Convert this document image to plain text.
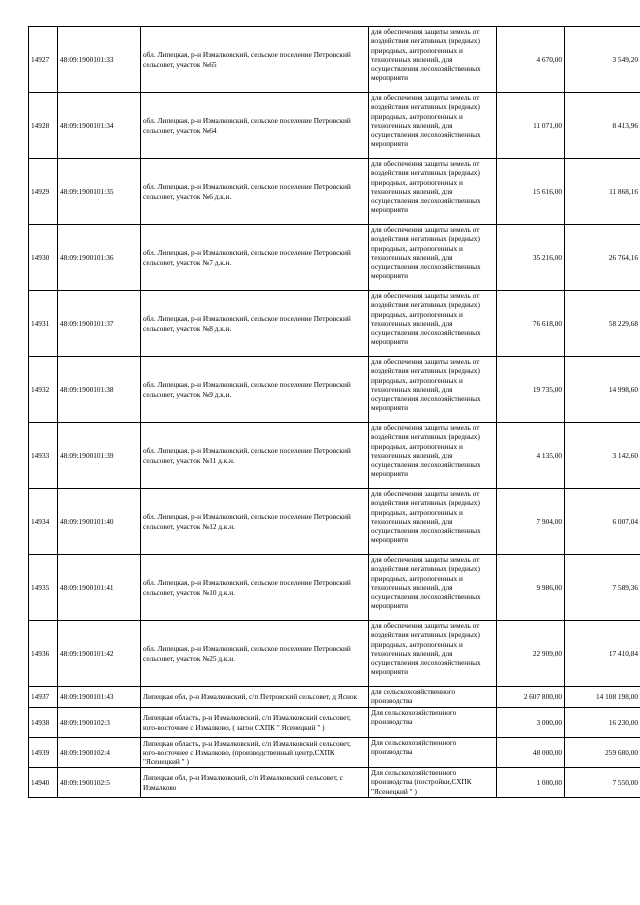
14927	48:09:1900101:33	обл. Липецкая, р-н Измалковский, сельское поселение Петровский сельсовет, участок №65	для обеспечения защиты земель от воздействия негативных (вредных) природных, антропогенных и техногенных явлений, для осуществления лесохозяйственных мероприяти	4 670,00	3 549,20
14928	48:09:1900101:34	обл. Липецкая, р-н Измалковский, сельское поселение Петровский сельсовет, участок №64	для обеспечения защиты земель от воздействия негативных (вредных) природных, антропогенных и техногенных явлений, для осуществления лесохозяйственных мероприяти	11 071,00	8 413,96
14929	48:09:1900101:35	обл. Липецкая, р-н Измалковский, сельское поселение Петровский сельсовет, участок №6 д.к.н.	для обеспечения защиты земель от воздействия негативных (вредных) природных, антропогенных и техногенных явлений, для осуществления лесохозяйственных мероприяти	15 616,00	11 868,16
14930	48:09:1900101:36	обл. Липецкая, р-н Измалковский, сельское поселение Петровский сельсовет, участок №7 д.к.н.	для обеспечения защиты земель от воздействия негативных (вредных) природных, антропогенных и техногенных явлений, для осуществления лесохозяйственных мероприяти	35 216,00	26 764,16
14931	48:09:1900101:37	обл. Липецкая, р-н Измалковский, сельское поселение Петровский сельсовет, участок №8 д.к.н.	для обеспечения защиты земель от воздействия негативных (вредных) природных, антропогенных и техногенных явлений, для осуществления лесохозяйственных мероприяти	76 618,00	58 229,68
14932	48:09:1900101:38	обл. Липецкая, р-н Измалковский, сельское поселение Петровский сельсовет, участок №9 д.к.н.	для обеспечения защиты земель от воздействия негативных (вредных) природных, антропогенных и техногенных явлений, для осуществления лесохозяйственных мероприяти	19 735,00	14 998,60
14933	48:09:1900101:39	обл. Липецкая, р-н Измалковский, сельское поселение Петровский сельсовет, участок №11 д.к.н.	для обеспечения защиты земель от воздействия негативных (вредных) природных, антропогенных и техногенных явлений, для осуществления лесохозяйственных мероприяти	4 135,00	3 142,60
14934	48:09:1900101:40	обл. Липецкая, р-н Измалковский, сельское поселение Петровский сельсовет, участок №12 д.к.н.	для обеспечения защиты земель от воздействия негативных (вредных) природных, антропогенных и техногенных явлений, для осуществления лесохозяйственных мероприяти	7 904,00	6 007,04
14935	48:09:1900101:41	обл. Липецкая, р-н Измалковский, сельское поселение Петровский сельсовет, участок №10 д.к.н.	для обеспечения защиты земель от воздействия негативных (вредных) природных, антропогенных и техногенных явлений, для осуществления лесохозяйственных мероприяти	9 986,00	7 589,36
14936	48:09:1900101:42	обл. Липецкая, р-н Измалковский, сельское поселение Петровский сельсовет, участок №25 д.к.н.	для обеспечения защиты земель от воздействия негативных (вредных) природных, антропогенных и техногенных явлений, для осуществления лесохозяйственных мероприяти	22 909,00	17 410,84
14937	48:09:1900101:43	Липецкая обл, р-н Измалковский, с/п Петровский сельсовет, д Яснок	для сельскохозяйственного производства	2 607 800,00	14 108 198,00
14938	48:09:1900102:3	Липецкая область, р-н Измалковский, с/п Измалковский сельсовет, юго-восточнее с Измалково, ( загон СХПК " Ясенецкий " )	Для сельскохозяйственного производства	3 000,00	16 230,00
14939	48:09:1900102:4	Липецкая область, р-н Измалковский, с/п Измалковский сельсовет, юго-восточнее с Измалково, (производственный центр,СХПК "Ясенецкий " )	Для сельскохозяйственного производства	48 000,00	259 680,00
14940	48:09:1900102:5	Липецкая обл, р-н Измалковский, с/п Измалковский сельсовет, с Измалково	Для сельскохозяйственного производства (постройки,СХПК "Ясенецкий " )	1 000,00	7 550,00
